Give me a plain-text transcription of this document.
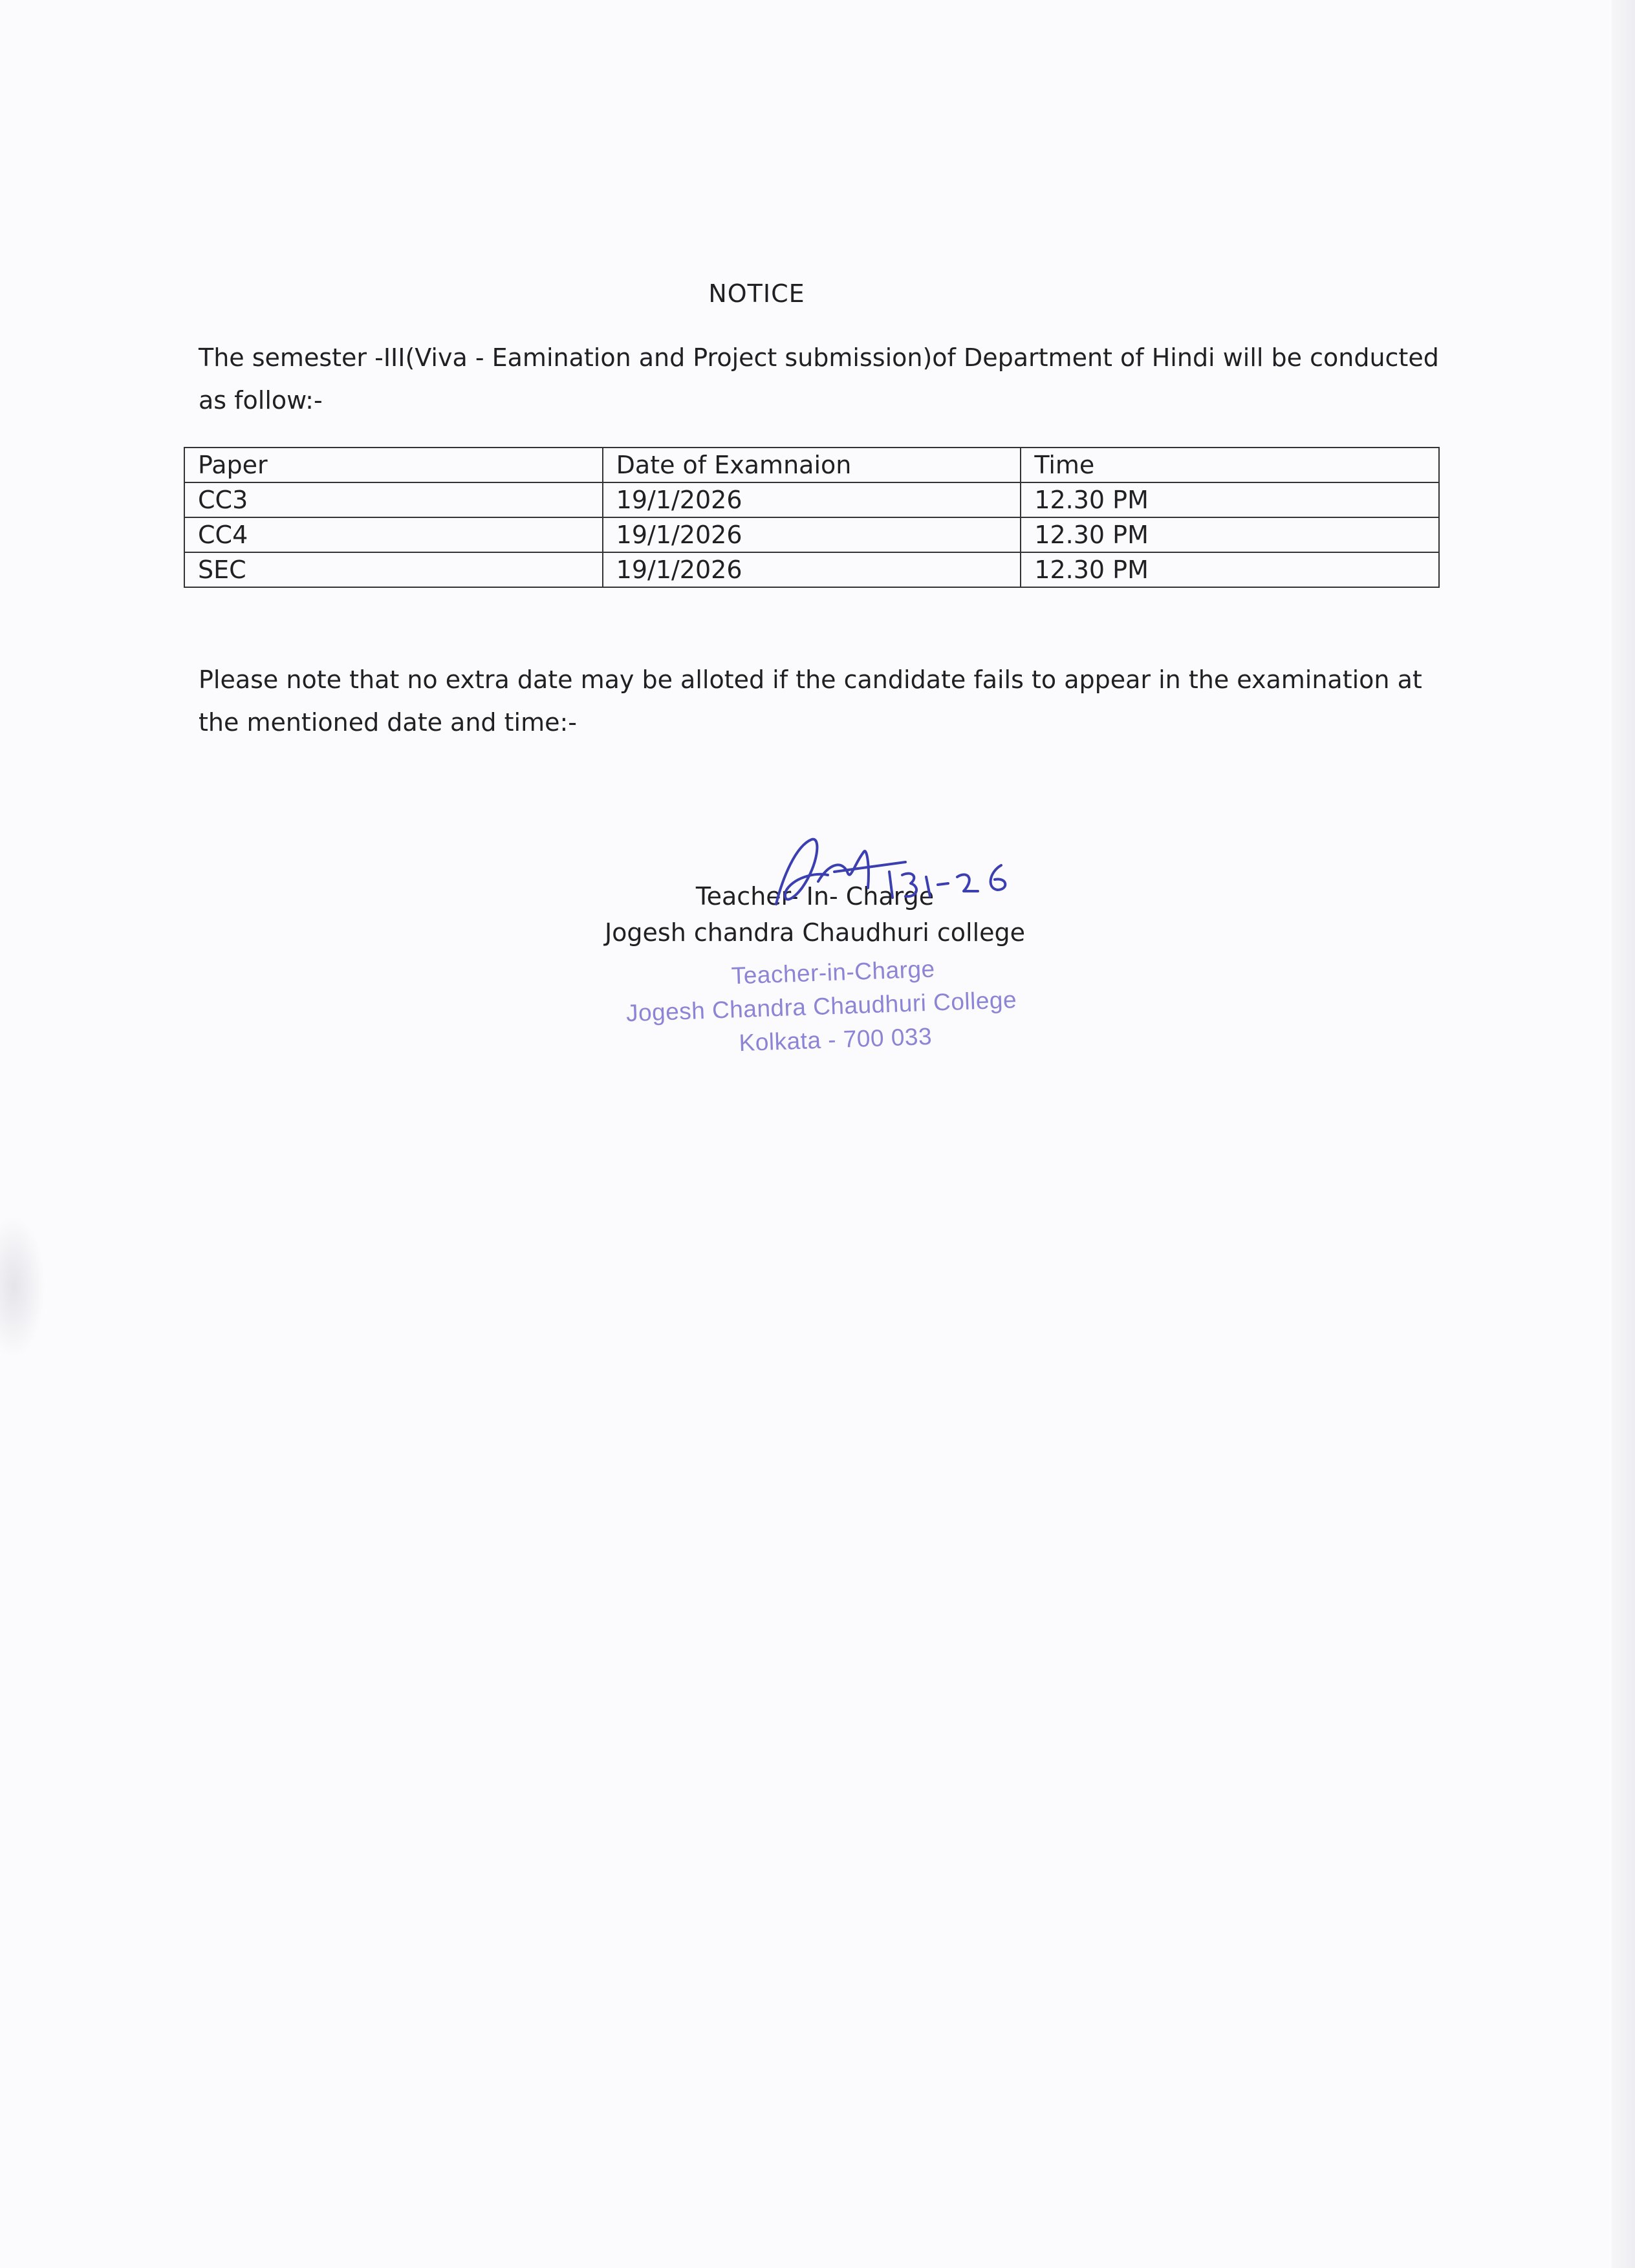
NOTICE
The semester -III(Viva - Eamination and Project submission)of Department of Hindi will be conducted as follow:-
Paper	Date of Examnaion	Time
CC3	19/1/2026	12.30 PM
CC4	19/1/2026	12.30 PM
SEC	19/1/2026	12.30 PM
Please note that no extra date may be alloted if the candidate fails to appear in the examination at the mentioned date and time:-
Teacher- In- Charge
Jogesh chandra Chaudhuri college
Teacher-in-Charge
Jogesh Chandra Chaudhuri College
Kolkata - 700 033
